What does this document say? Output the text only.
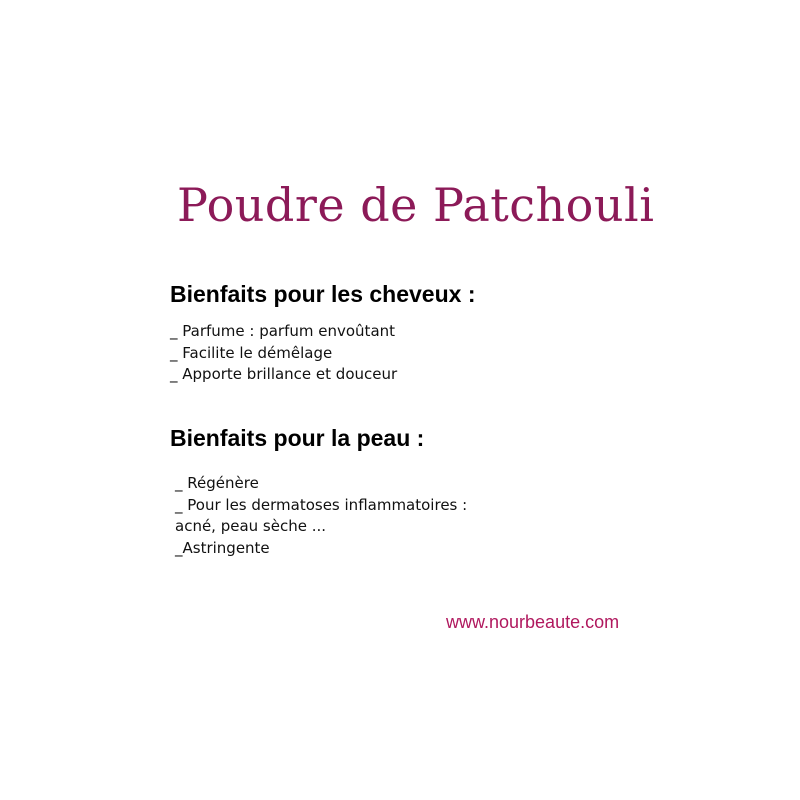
Poudre de Patchouli
Bienfaits pour les cheveux :
_ Parfume : parfum envoûtant
_ Facilite le démêlage
_ Apporte brillance et douceur
Bienfaits pour la peau :
_ Régénère
_ Pour les dermatoses inflammatoires :
acné, peau sèche ...
_Astringente
www.nourbeaute.com
